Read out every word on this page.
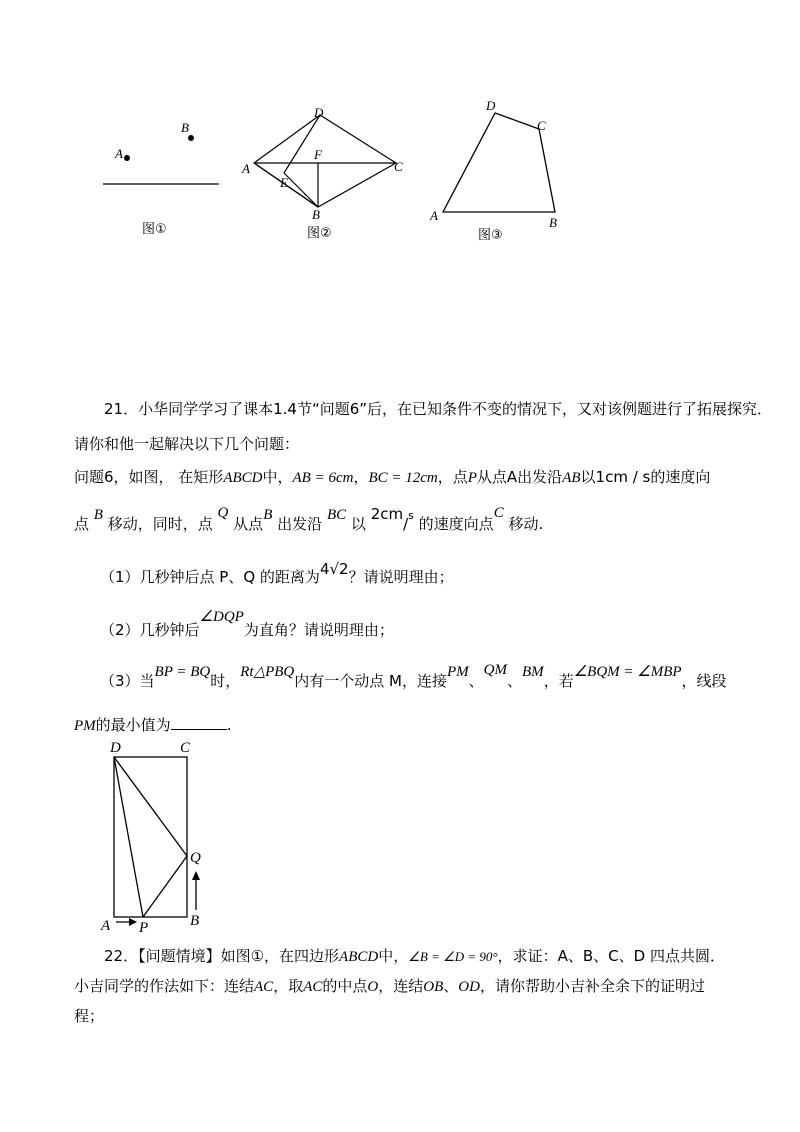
A
B
图①
D
A
E
F
C
B
图②
D
C
A	B
图③
21．小华同学学习了课本1.4节“问题6”后，在已知条件不变的情况下，又对该例题进行了拓展探究．
请你和他一起解决以下几个问题：
问题6，如图， 在矩形ABCD中，AB = 6cm，BC = 12cm，点P从点A出发沿AB以1cm / s的速度向
点 B 移动，同时，点 Q 从点B 出发沿 BC 以 2cm/$^s$ 的速度向点C 移动.
（1）几秒钟后点 P、Q 的距离为4√2？请说明理由；
（2）几秒钟后∠DQP为直角？请说明理由；
（3）当BP = BQ时，Rt△PBQ内有一个动点 M，连接PM、QM、BM，若∠BQM = ∠MBP，线段
PM的最小值为	.
D	C
Q
A P	B
22．【问题情境】如图①，在四边形ABCD中，∠B = ∠D = 90°，求证：A、B、C、D 四点共圆．
小吉同学的作法如下：连结AC，取AC的中点O，连结OB、OD，请你帮助小吉补全余下的证明过
程；
